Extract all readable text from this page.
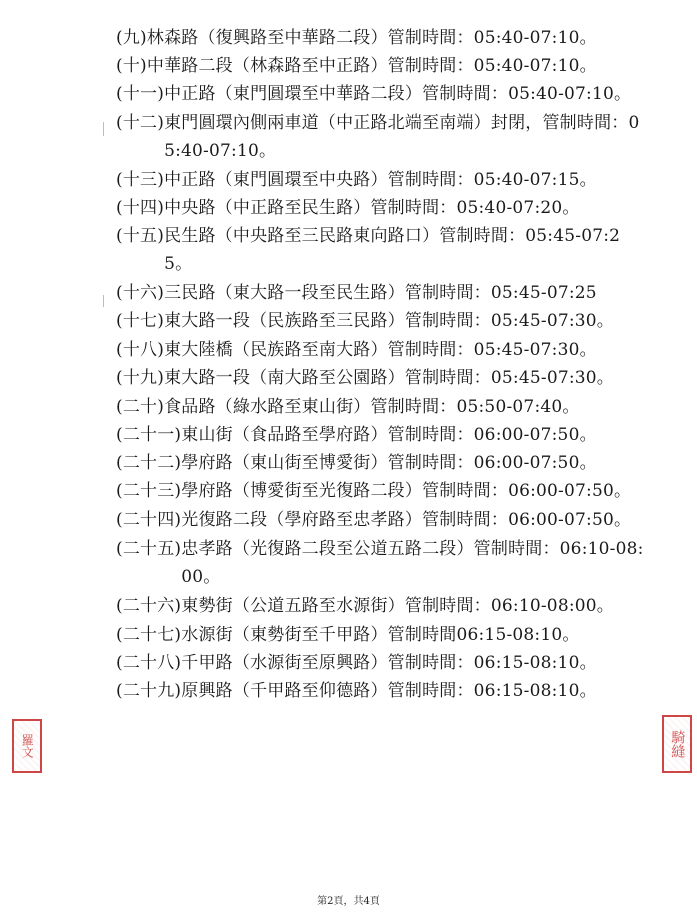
(九) 林森路（復興路至中華路二段）管制時間：05:40-07:10。
(十) 中華路二段（林森路至中正路）管制時間：05:40-07:10。
(十一) 中正路（東門圓環至中華路二段）管制時間：05:40-07:10。
(十二) 東門圓環內側兩車道（中正路北端至南端）封閉，管制時間：05:40-07:10。
(十三) 中正路（東門圓環至中央路）管制時間：05:40-07:15。
(十四) 中央路（中正路至民生路）管制時間：05:40-07:20。
(十五) 民生路（中央路至三民路東向路口）管制時間：05:45-07:25。
(十六) 三民路（東大路一段至民生路）管制時間：05:45-07:25
(十七) 東大路一段（民族路至三民路）管制時間：05:45-07:30。
(十八) 東大陸橋（民族路至南大路）管制時間：05:45-07:30。
(十九) 東大路一段（南大路至公園路）管制時間：05:45-07:30。
(二十) 食品路（綠水路至東山街）管制時間：05:50-07:40。
(二十一) 東山街（食品路至學府路）管制時間：06:00-07:50。
(二十二) 學府路（東山街至博愛街）管制時間：06:00-07:50。
(二十三) 學府路（博愛街至光復路二段）管制時間：06:00-07:50。
(二十四) 光復路二段（學府路至忠孝路）管制時間：06:00-07:50。
(二十五) 忠孝路（光復路二段至公道五路二段）管制時間：06:10-08:00。
(二十六) 東勢街（公道五路至水源街）管制時間：06:10-08:00。
(二十七) 水源街（東勢街至千甲路）管制時間06:15-08:10。
(二十八) 千甲路（水源街至原興路）管制時間：06:15-08:10。
(二十九) 原興路（千甲路至仰德路）管制時間：06:15-08:10。
羅文	騎縫
第2頁，共4頁
